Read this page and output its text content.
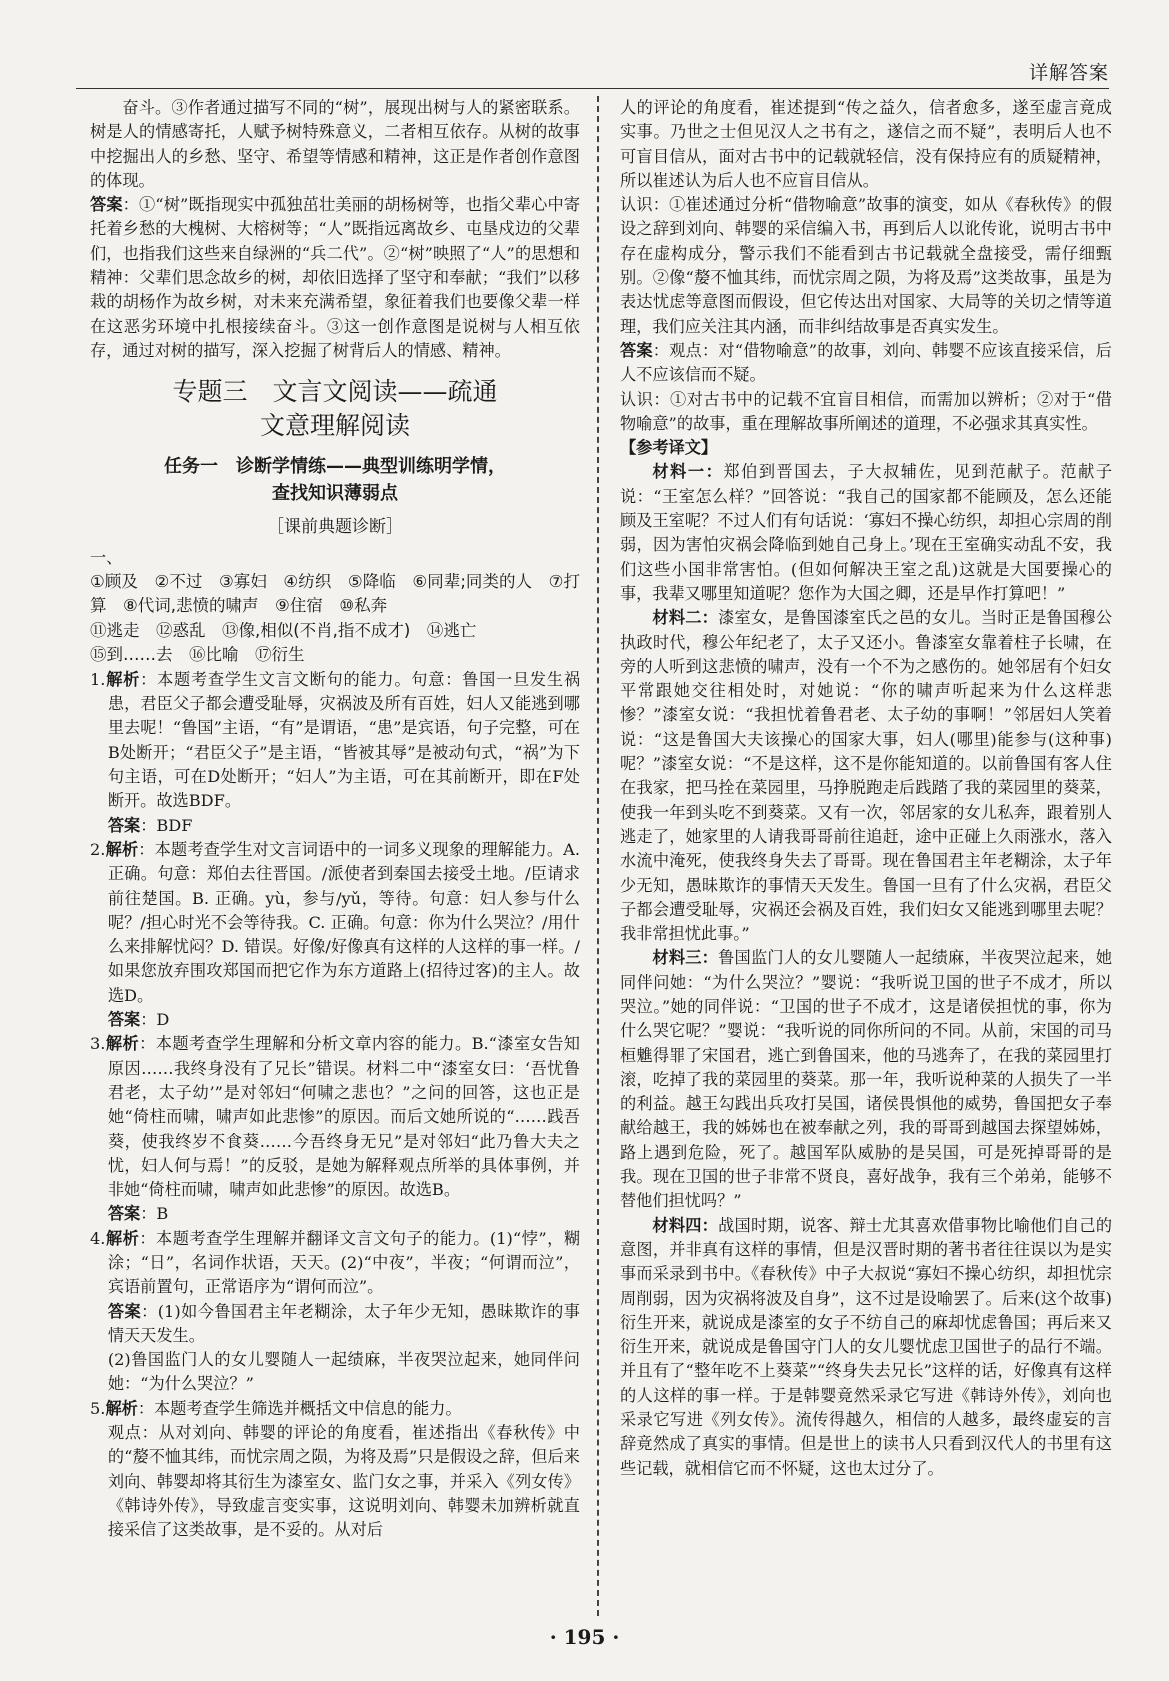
详解答案

奋斗。③作者通过描写不同的“树”，展现出树与人的紧密联系。树是人的情感寄托，人赋予树特殊意义，二者相互依存。从树的故事中挖掘出人的乡愁、坚守、希望等情感和精神，这正是作者创作意图的体现。

答案：①“树”既指现实中孤独茁壮美丽的胡杨树等，也指父辈心中寄托着乡愁的大槐树、大榕树等；“人”既指远离故乡、屯垦戍边的父辈们，也指我们这些来自绿洲的“兵二代”。②“树”映照了“人”的思想和精神：父辈们思念故乡的树，却依旧选择了坚守和奉献；“我们”以移栽的胡杨作为故乡树，对未来充满希望，象征着我们也要像父辈一样在这恶劣环境中扎根接续奋斗。③这一创作意图是说树与人相互依存，通过对树的描写，深入挖掘了树背后人的情感、精神。

专题三　文言文阅读——疏通
文意理解阅读
任务一　诊断学情练——典型训练明学情，
查找知识薄弱点
［课前典题诊断］

一、

①顾及　②不过　③寡妇　④纺织　⑤降临　⑥同辈;同类的人　⑦打算　⑧代词,悲愤的啸声　⑨住宿　⑩私奔

⑪逃走　⑫惑乱　⑬像,相似(不肖,指不成才)　⑭逃亡

⑮到……去　⑯比喻　⑰衍生

1.解析：本题考查学生文言文断句的能力。句意：鲁国一旦发生祸患，君臣父子都会遭受耻辱，灾祸波及所有百姓，妇人又能逃到哪里去呢！“鲁国”主语，“有”是谓语，“患”是宾语，句子完整，可在B处断开；“君臣父子”是主语，“皆被其辱”是被动句式，“祸”为下句主语，可在D处断开；“妇人”为主语，可在其前断开，即在F处断开。故选BDF。
答案：BDF
2.解析：本题考查学生对文言词语中的一词多义现象的理解能力。A. 正确。句意：郑伯去往晋国。/派使者到秦国去接受土地。/臣请求前往楚国。B. 正确。yù，参与/yǔ，等待。句意：妇人参与什么呢？/担心时光不会等待我。C. 正确。句意：你为什么哭泣？/用什么来排解忧闷？D. 错误。好像/好像真有这样的人这样的事一样。/如果您放弃围攻郑国而把它作为东方道路上(招待过客)的主人。故选D。
答案：D
3.解析：本题考查学生理解和分析文章内容的能力。B.“漆室女告知原因……我终身没有了兄长”错误。材料二中“漆室女曰：‘吾忧鲁君老，太子幼’”是对邻妇“何啸之悲也？”之问的回答，这也正是她“倚柱而啸，啸声如此悲惨”的原因。而后文她所说的“……践吾葵，使我终岁不食葵……今吾终身无兄”是对邻妇“此乃鲁大夫之忧，妇人何与焉！”的反驳，是她为解释观点所举的具体事例，并非她“倚柱而啸，啸声如此悲惨”的原因。故选B。
答案：B
4.解析：本题考查学生理解并翻译文言文句子的能力。(1)“悖”，糊涂；“日”，名词作状语，天天。(2)“中夜”，半夜；“何谓而泣”，宾语前置句，正常语序为“谓何而泣”。
答案：(1)如今鲁国君主年老糊涂，太子年少无知，愚昧欺诈的事情天天发生。
(2)鲁国监门人的女儿婴随人一起绩麻，半夜哭泣起来，她同伴问她：“为什么哭泣？”
5.解析：本题考查学生筛选并概括文中信息的能力。
观点：从对刘向、韩婴的评论的角度看，崔述指出《春秋传》中的“嫠不恤其纬，而忧宗周之陨，为将及焉”只是假设之辞，但后来刘向、韩婴却将其衍生为漆室女、监门女之事，并采入《列女传》《韩诗外传》，导致虚言变实事，这说明刘向、韩婴未加辨析就直接采信了这类故事，是不妥的。从对后

人的评论的角度看，崔述提到“传之益久，信者愈多，遂至虚言竟成实事。乃世之士但见汉人之书有之，遂信之而不疑”，表明后人也不可盲目信从，面对古书中的记载就轻信，没有保持应有的质疑精神，所以崔述认为后人也不应盲目信从。

认识：①崔述通过分析“借物喻意”故事的演变，如从《春秋传》的假设之辞到刘向、韩婴的采信编入书，再到后人以讹传讹，说明古书中存在虚构成分，警示我们不能看到古书记载就全盘接受，需仔细甄别。②像“嫠不恤其纬，而忧宗周之陨，为将及焉”这类故事，虽是为表达忧虑等意图而假设，但它传达出对国家、大局等的关切之情等道理，我们应关注其内涵，而非纠结故事是否真实发生。

答案：观点：对“借物喻意”的故事，刘向、韩婴不应该直接采信，后人不应该信而不疑。

认识：①对古书中的记载不宜盲目相信，而需加以辨析；②对于“借物喻意”的故事，重在理解故事所阐述的道理，不必强求其真实性。

【参考译文】

材料一：郑伯到晋国去，子大叔辅佐，见到范献子。范献子说：“王室怎么样？”回答说：“我自己的国家都不能顾及，怎么还能顾及王室呢？不过人们有句话说：‘寡妇不操心纺织，却担心宗周的削弱，因为害怕灾祸会降临到她自己身上。’现在王室确实动乱不安，我们这些小国非常害怕。(但如何解决王室之乱)这就是大国要操心的事，我辈又哪里知道呢？您作为大国之卿，还是早作打算吧！”

材料二：漆室女，是鲁国漆室氏之邑的女儿。当时正是鲁国穆公执政时代，穆公年纪老了，太子又还小。鲁漆室女靠着柱子长啸，在旁的人听到这悲愤的啸声，没有一个不为之感伤的。她邻居有个妇女平常跟她交往相处时，对她说：“你的啸声听起来为什么这样悲惨？”漆室女说：“我担忧着鲁君老、太子幼的事啊！”邻居妇人笑着说：“这是鲁国大夫该操心的国家大事，妇人(哪里)能参与(这种事)呢？”漆室女说：“不是这样，这不是你能知道的。以前鲁国有客人住在我家，把马拴在菜园里，马挣脱跑走后践踏了我的菜园里的葵菜，使我一年到头吃不到葵菜。又有一次，邻居家的女儿私奔，跟着别人逃走了，她家里的人请我哥哥前往追赶，途中正碰上久雨涨水，落入水流中淹死，使我终身失去了哥哥。现在鲁国君主年老糊涂，太子年少无知，愚昧欺诈的事情天天发生。鲁国一旦有了什么灾祸，君臣父子都会遭受耻辱，灾祸还会祸及百姓，我们妇女又能逃到哪里去呢？我非常担忧此事。”

材料三：鲁国监门人的女儿婴随人一起绩麻，半夜哭泣起来，她同伴问她：“为什么哭泣？”婴说：“我听说卫国的世子不成才，所以哭泣。”她的同伴说：“卫国的世子不成才，这是诸侯担忧的事，你为什么哭它呢？”婴说：“我听说的同你所问的不同。从前，宋国的司马桓魋得罪了宋国君，逃亡到鲁国来，他的马逃奔了，在我的菜园里打滚，吃掉了我的菜园里的葵菜。那一年，我听说种菜的人损失了一半的利益。越王勾践出兵攻打吴国，诸侯畏惧他的威势，鲁国把女子奉献给越王，我的姊姊也在被奉献之列，我的哥哥到越国去探望姊姊，路上遇到危险，死了。越国军队威胁的是吴国，可是死掉哥哥的是我。现在卫国的世子非常不贤良，喜好战争，我有三个弟弟，能够不替他们担忧吗？”

材料四：战国时期，说客、辩士尤其喜欢借事物比喻他们自己的意图，并非真有这样的事情，但是汉晋时期的著书者往往误以为是实事而采录到书中。《春秋传》中子大叔说“寡妇不操心纺织，却担忧宗周削弱，因为灾祸将波及自身”，这不过是设喻罢了。后来(这个故事)衍生开来，就说成是漆室的女子不纺自己的麻却忧虑鲁国；再后来又衍生开来，就说成是鲁国守门人的女儿婴忧虑卫国世子的品行不端。并且有了“整年吃不上葵菜”“终身失去兄长”这样的话，好像真有这样的人这样的事一样。于是韩婴竟然采录它写进《韩诗外传》，刘向也采录它写进《列女传》。流传得越久，相信的人越多，最终虚妄的言辞竟然成了真实的事情。但是世上的读书人只看到汉代人的书里有这些记载，就相信它而不怀疑，这也太过分了。

· 195 ·
